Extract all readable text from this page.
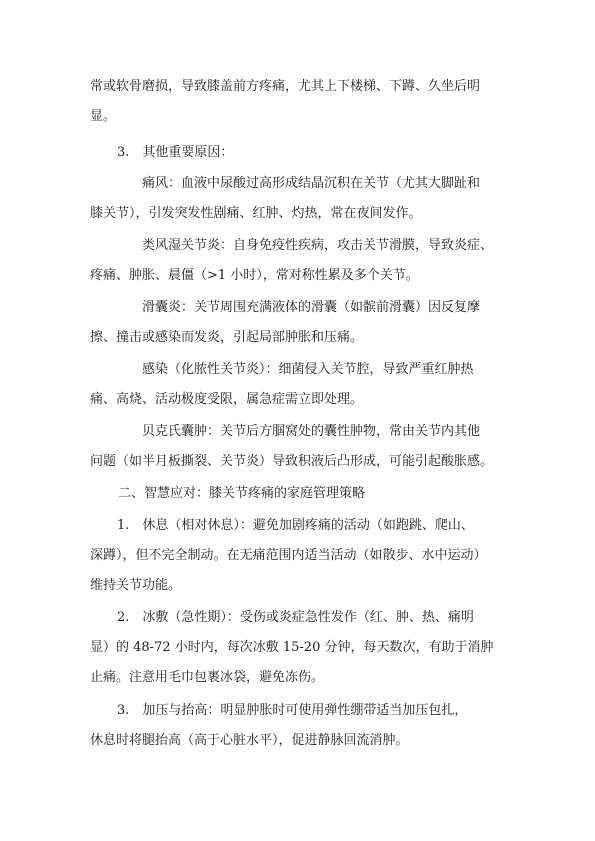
常或软骨磨损，导致膝盖前方疼痛，尤其上下楼梯、下蹲、久坐后明
显。
3.　其他重要原因：
痛风：血液中尿酸过高形成结晶沉积在关节（尤其大脚趾和
膝关节），引发突发性剧痛、红肿、灼热，常在夜间发作。
类风湿关节炎：自身免疫性疾病，攻击关节滑膜，导致炎症、
疼痛、肿胀、晨僵（>1 小时），常对称性累及多个关节。
滑囊炎：关节周围充满液体的滑囊（如髌前滑囊）因反复摩
擦、撞击或感染而发炎，引起局部肿胀和压痛。
感染（化脓性关节炎）：细菌侵入关节腔，导致严重红肿热
痛、高烧、活动极度受限，属急症需立即处理。
贝克氏囊肿：关节后方腘窝处的囊性肿物，常由关节内其他
问题（如半月板撕裂、关节炎）导致积液后凸形成，可能引起酸胀感。
二、智慧应对：膝关节疼痛的家庭管理策略
1.　休息（相对休息）：避免加剧疼痛的活动（如跑跳、爬山、
深蹲），但不完全制动。在无痛范围内适当活动（如散步、水中运动）
维持关节功能。
2.　冰敷（急性期）：受伤或炎症急性发作（红、肿、热、痛明
显）的 48-72 小时内，每次冰敷 15-20 分钟，每天数次，有助于消肿
止痛。注意用毛巾包裹冰袋，避免冻伤。
3.　加压与抬高：明显肿胀时可使用弹性绷带适当加压包扎，
休息时将腿抬高（高于心脏水平），促进静脉回流消肿。
